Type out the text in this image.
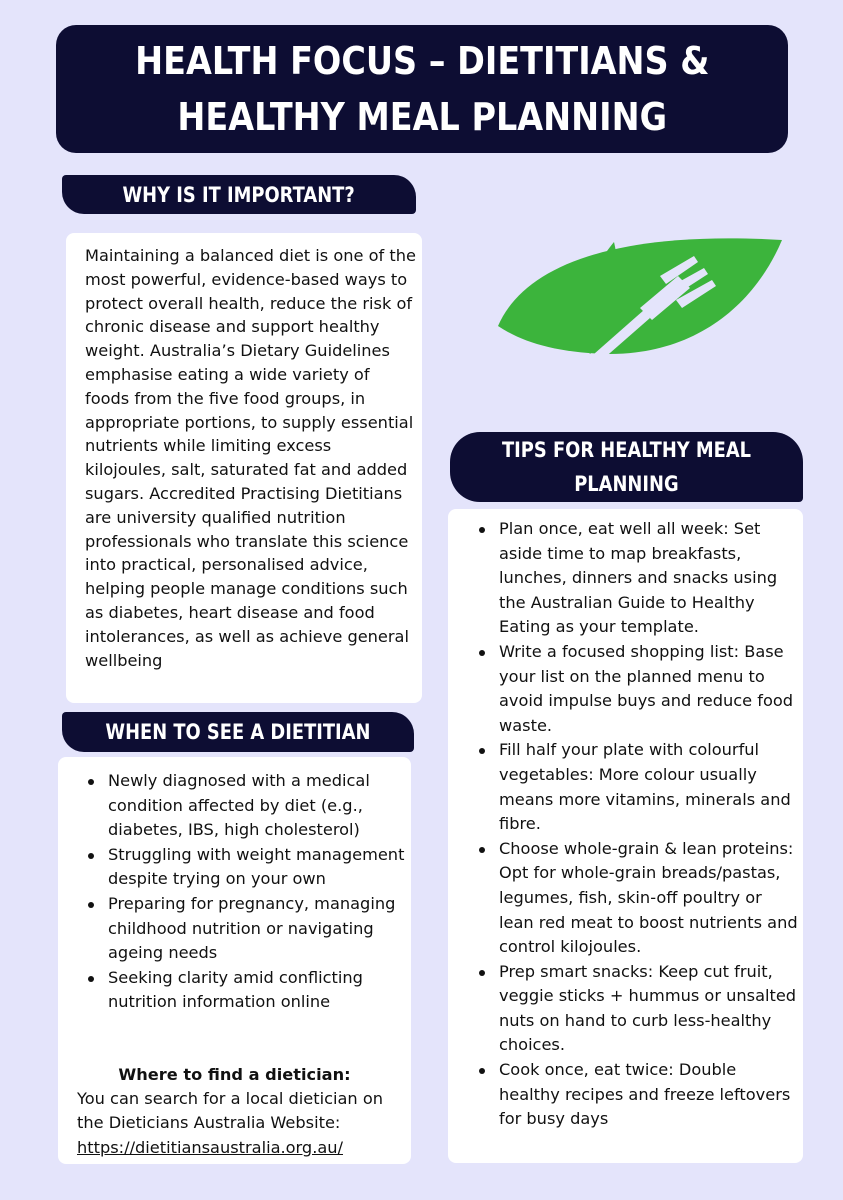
HEALTH FOCUS – DIETITIANS &
HEALTHY MEAL PLANNING
WHY IS IT IMPORTANT?

Maintaining a balanced diet is one of the most powerful, evidence-based ways to protect overall health, reduce the risk of chronic disease and support healthy weight. Australia’s Dietary Guidelines emphasise eating a wide variety of foods from the five food groups, in appropriate portions, to supply essential nutrients while limiting excess kilojoules, salt, saturated fat and added sugars. Accredited Practising Dietitians are university qualified nutrition professionals who translate this science into practical, personalised advice, helping people manage conditions such as diabetes, heart disease and food intolerances, as well as achieve general wellbeing

WHEN TO SEE A DIETITIAN
Newly diagnosed with a medical condition affected by diet (e.g., diabetes, IBS, high cholesterol)
Struggling with weight management despite trying on your own
Preparing for pregnancy, managing childhood nutrition or navigating ageing needs
Seeking clarity amid conflicting nutrition information online
Where to find a dietician:
You can search for a local dietician on the Dieticians Australia Website:
https://dietitiansaustralia.org.au/
TIPS FOR HEALTHY MEAL
PLANNING
Plan once, eat well all week: Set aside time to map breakfasts, lunches, dinners and snacks using the Australian Guide to Healthy Eating as your template.
Write a focused shopping list: Base your list on the planned menu to avoid impulse buys and reduce food waste.
Fill half your plate with colourful vegetables: More colour usually means more vitamins, minerals and fibre.
Choose whole-grain & lean proteins: Opt for whole-grain breads/pastas, legumes, fish, skin-off poultry or lean red meat to boost nutrients and control kilojoules.
Prep smart snacks: Keep cut fruit, veggie sticks + hummus or unsalted nuts on hand to curb less-healthy choices.
Cook once, eat twice: Double healthy recipes and freeze leftovers for busy days
